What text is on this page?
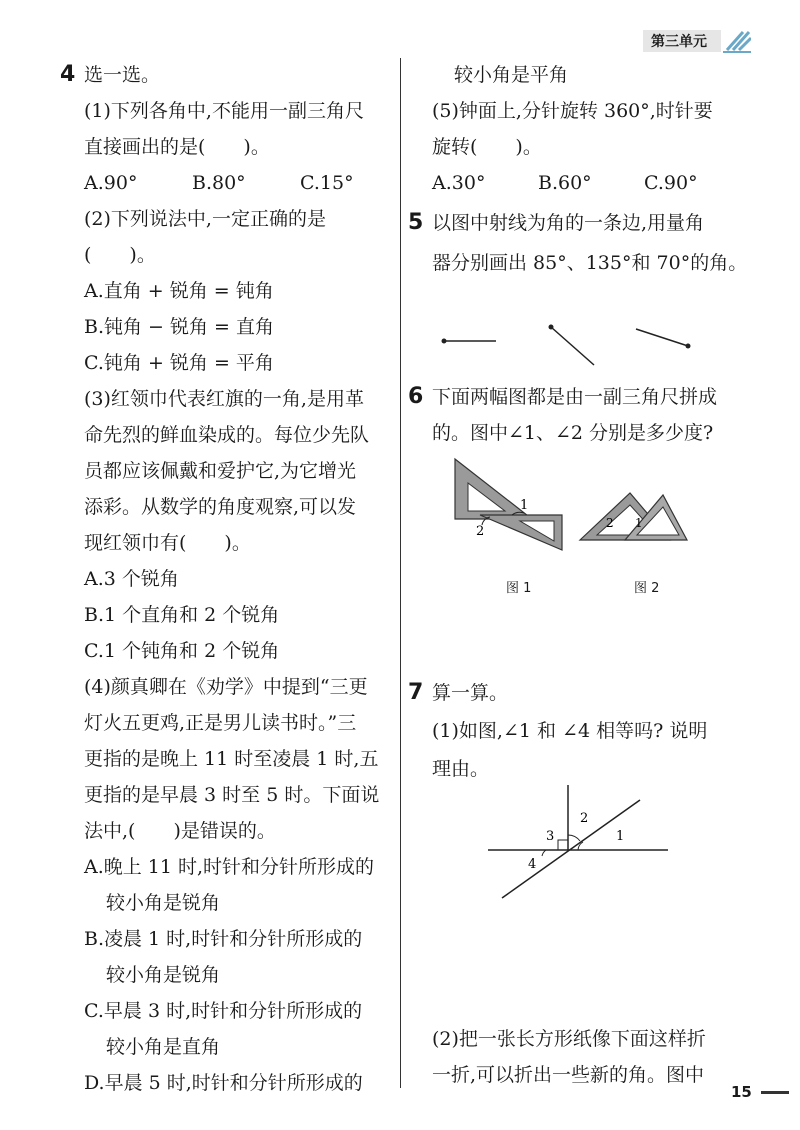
第三单元
4 选一选。
(1)下列各角中,不能用一副三角尺
直接画出的是(　　)。
A.90°	B.80°	C.15°
(2)下列说法中,一定正确的是
(　　)。
A.直角 + 锐角 = 钝角
B.钝角 − 锐角 = 直角
C.钝角 + 锐角 = 平角
(3)红领巾代表红旗的一角,是用革
命先烈的鲜血染成的。每位少先队
员都应该佩戴和爱护它,为它增光
添彩。从数学的角度观察,可以发
现红领巾有(　　)。
A.3 个锐角
B.1 个直角和 2 个锐角
C.1 个钝角和 2 个锐角
(4)颜真卿在《劝学》中提到“三更
灯火五更鸡,正是男儿读书时。”三
更指的是晚上 11 时至凌晨 1 时,五
更指的是早晨 3 时至 5 时。下面说
法中,(　　)是错误的。
A.晚上 11 时,时针和分针所形成的
较小角是锐角
B.凌晨 1 时,时针和分针所形成的
较小角是锐角
C.早晨 3 时,时针和分针所形成的
较小角是直角
D.早晨 5 时,时针和分针所形成的
较小角是平角
(5)钟面上,分针旋转 360°,时针要
旋转(　　)。
A.30°	B.60°	C.90°
5 以图中射线为角的一条边,用量角
器分别画出 85°、135°和 70°的角。
6 下面两幅图都是由一副三角尺拼成
的。图中∠1、∠2 分别是多少度?
1
2
2 1
图 1	图 2
7 算一算。
(1)如图,∠1 和 ∠4 相等吗? 说明
理由。
1
2
3
4
(2)把一张长方形纸像下面这样折
一折,可以折出一些新的角。图中
15
